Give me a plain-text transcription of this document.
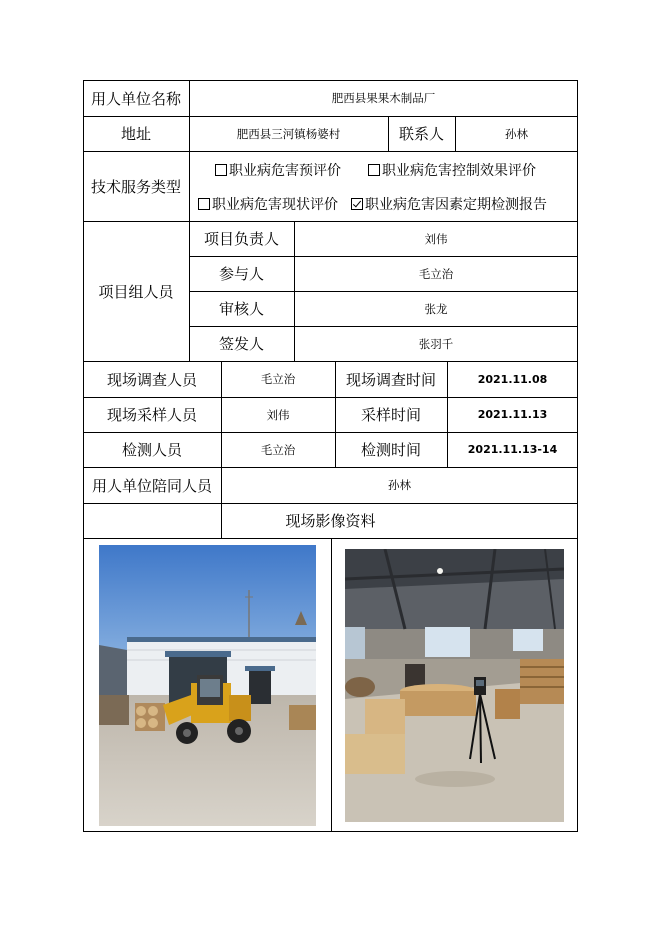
用人单位名称	肥西县果果木制品厂
地址	肥西县三河镇杨婆村	联系人	孙林
技术服务类型
职业病危害预评价	职业病危害控制效果评价
职业病危害现状评价 职业病危害因素定期检测报告
项目组人员
项目负责人	刘伟
参与人	毛立治
审核人	张龙
签发人	张羽千
现场调查人员	毛立治	现场调查时间	2021.11.08
现场采样人员	刘伟	采样时间	2021.11.13
检测人员	毛立治	检测时间	2021.11.13-14
用人单位陪同人员	孙林
现场影像资料
